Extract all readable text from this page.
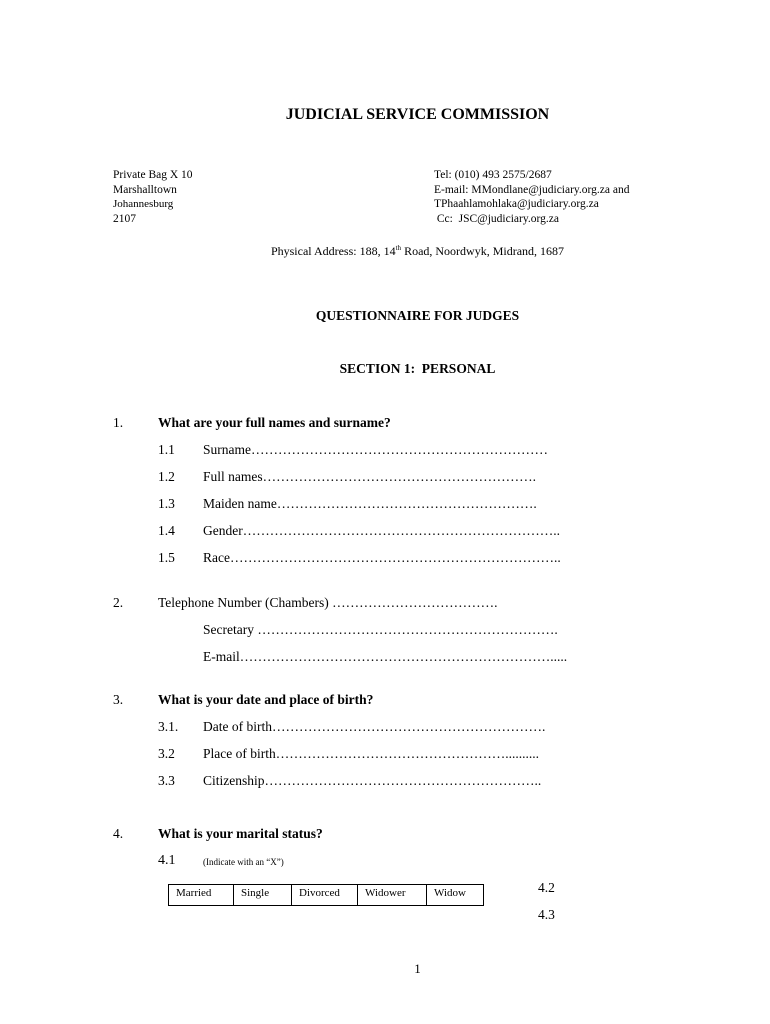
JUDICIAL SERVICE COMMISSION
Private Bag X 10
Marshalltown
Johannesburg
2107
Tel: (010) 493 2575/2687
E-mail: MMondlane@judiciary.org.za and
TPhaahlamohlaka@judiciary.org.za
Cc:  JSC@judiciary.org.za
Physical Address: 188, 14th Road, Noordwyk, Midrand, 1687
QUESTIONNAIRE FOR JUDGES
SECTION 1:  PERSONAL
1.	What are your full names and surname?
1.1 Surname…………………………………………………………
1.2 Full names…………………………………………………….
1.3 Maiden name………………………………………………….
1.4 Gender……………………………………………………………..
1.5 Race………………………………………………………………..
2.	Telephone Number (Chambers) ……………………………….
Secretary ………………………………………………………….
E-mail…………………………………………………………….....
3.	What is your date and place of birth?
3.1. Date of birth…………………………………………………….
3.2 Place of birth……………………………………………..........
3.3 Citizenship……………………………………………………..
4.	What is your marital status?
4.1	(Indicate with an “X”)
Married	Single	Divorced	Widower	Widow	4.2
4.3
1
